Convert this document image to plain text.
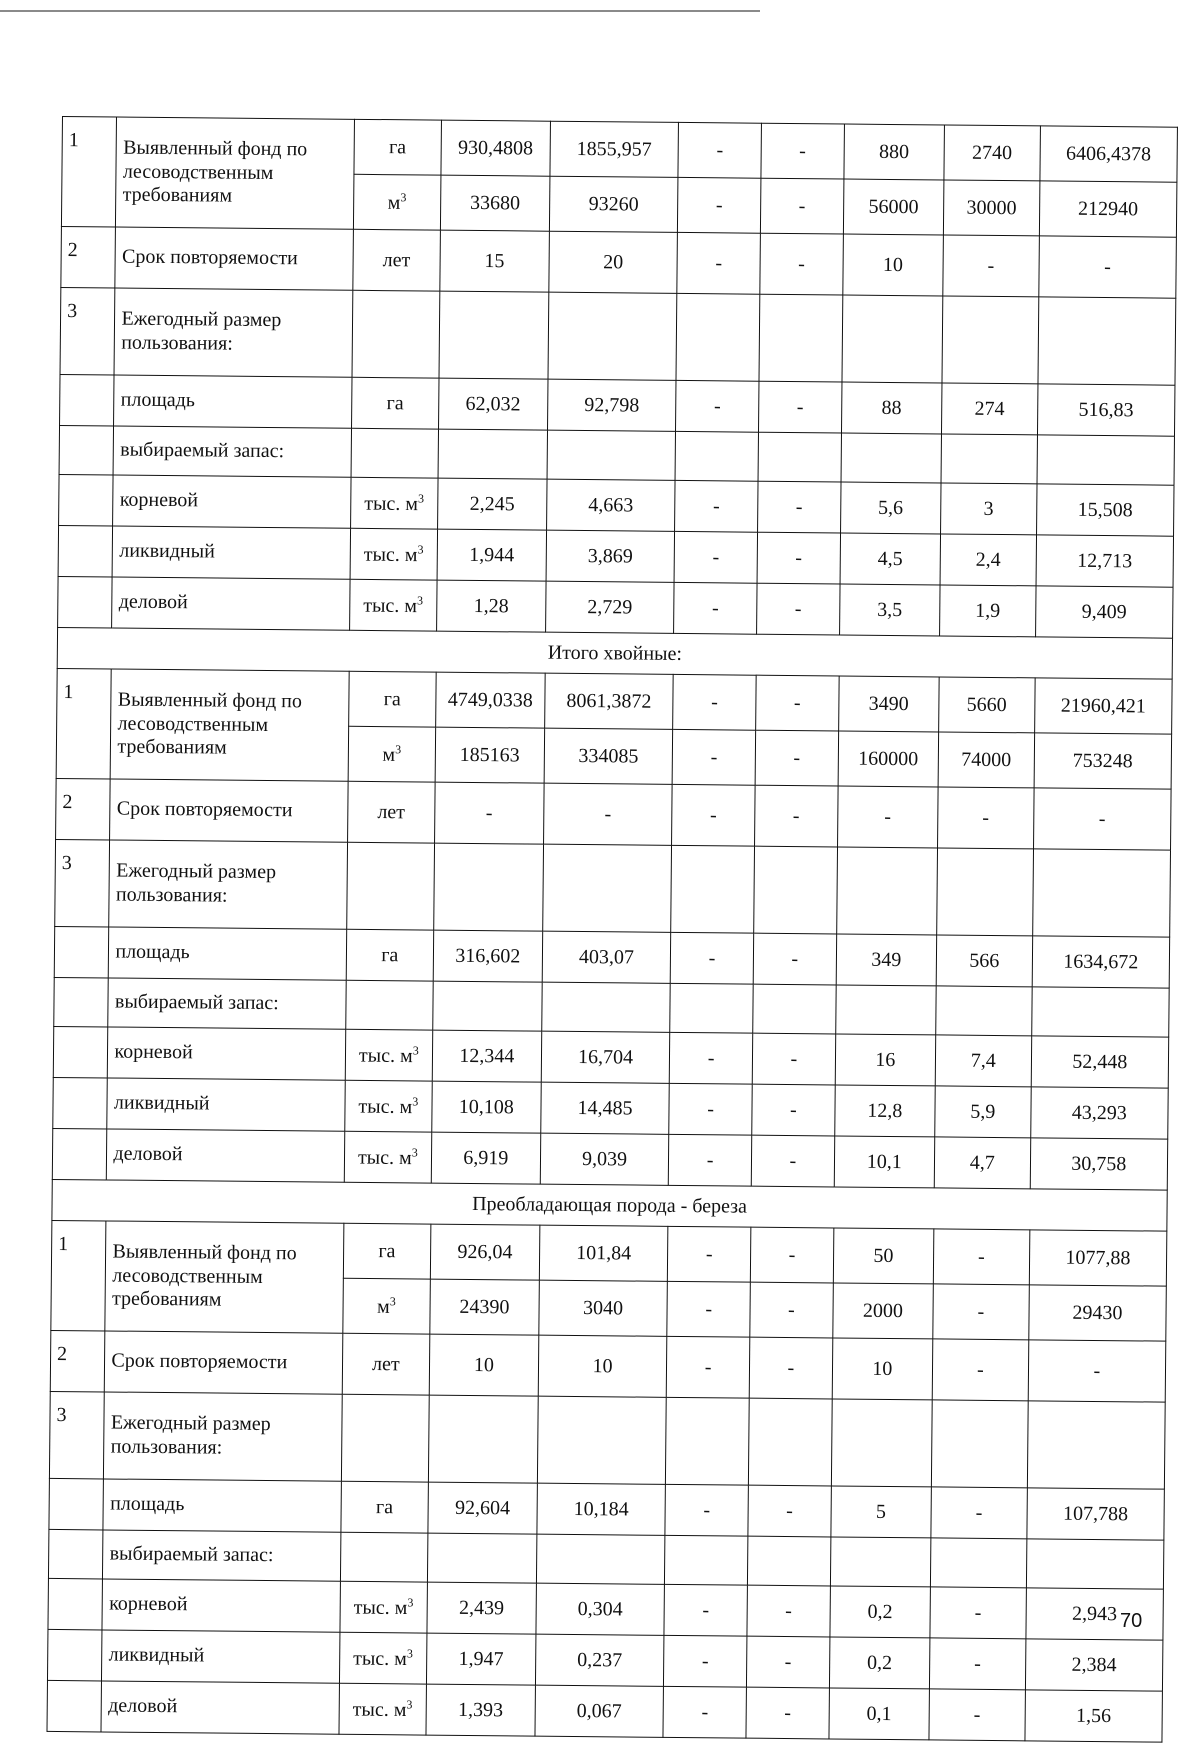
1	Выявленный фонд по лесоводственным требованиям	га	930,4808	1855,957	-	-	880	2740	6406,4378
		$м^3$	33680	93260	-	-	56000	30000	212940
2	Срок повторяемости	лет	15	20	-	-	10	-	-
3	Ежегодный размер пользования:								
	площадь	га	62,032	92,798	-	-	88	274	516,83
	выбираемый запас:								
	корневой	тыс. $м^3$	2,245	4,663	-	-	5,6	3	15,508
	ликвидный	тыс. $м^3$	1,944	3,869	-	-	4,5	2,4	12,713
	деловой	тыс. $м^3$	1,28	2,729	-	-	3,5	1,9	9,409
Итого хвойные:									
1	Выявленный фонд по лесоводственным требованиям	га	4749,0338	8061,3872	-	-	3490	5660	21960,421
		$м^3$	185163	334085	-	-	160000	74000	753248
2	Срок повторяемости	лет	-	-	-	-	-	-	-
3	Ежегодный размер пользования:								
	площадь	га	316,602	403,07	-	-	349	566	1634,672
	выбираемый запас:								
	корневой	тыс. $м^3$	12,344	16,704	-	-	16	7,4	52,448
	ликвидный	тыс. $м^3$	10,108	14,485	-	-	12,8	5,9	43,293
	деловой	тыс. $м^3$	6,919	9,039	-	-	10,1	4,7	30,758
Преобладающая порода - береза									
1	Выявленный фонд по лесоводственным требованиям	га	926,04	101,84	-	-	50	-	1077,88
		$м^3$	24390	3040	-	-	2000	-	29430
2	Срок повторяемости	лет	10	10	-	-	10	-	-
3	Ежегодный размер пользования:								
	площадь	га	92,604	10,184	-	-	5	-	107,788
	выбираемый запас:								
	корневой	тыс. $м^3$	2,439	0,304	-	-	0,2	-	2,943
	ликвидный	тыс. $м^3$	1,947	0,237	-	-	0,2	-	2,384
	деловой	тыс. $м^3$	1,393	0,067	-	-	0,1	-	1,56
70
